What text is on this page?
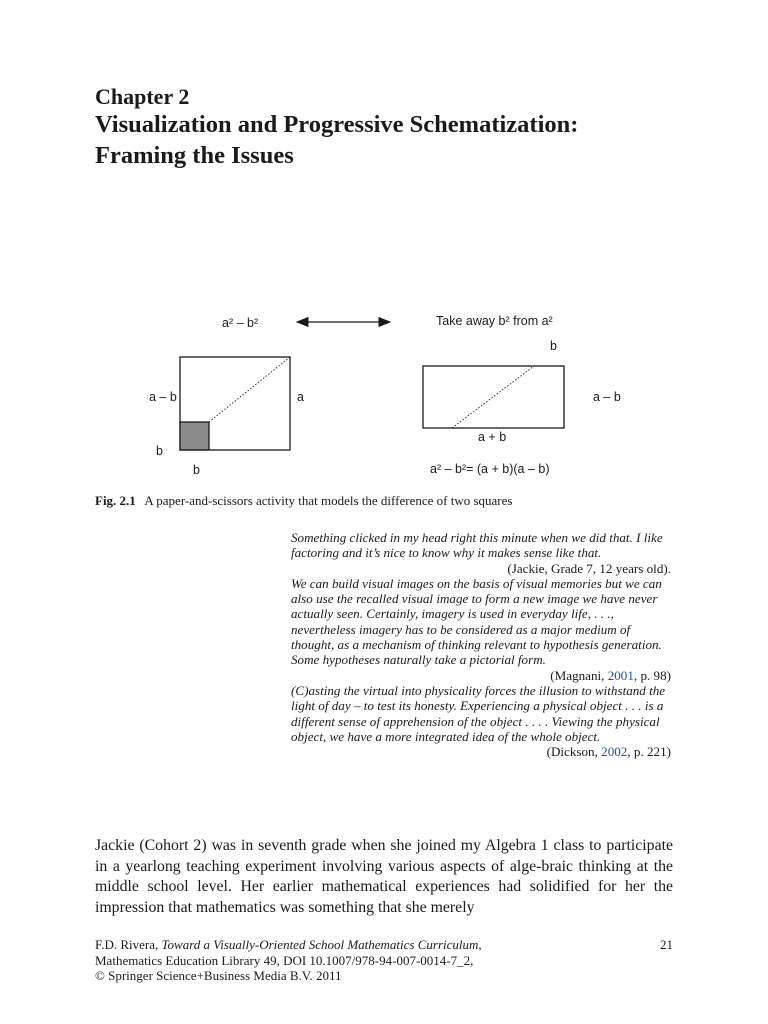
Chapter 2
Visualization and Progressive Schematization:
Framing the Issues
a² – b²	Take away b² from a²
a – b	a
b
b
b
a – b
a + b
a² – b²= (a + b)(a – b)
Fig. 2.1 A paper-and-scissors activity that models the difference of two squares
Something clicked in my head right this minute when we did that. I like factoring and it’s nice to know why it makes sense like that.
(Jackie, Grade 7, 12 years old).
We can build visual images on the basis of visual memories but we can also use the recalled visual image to form a new image we have never actually seen. Certainly, imagery is used in everyday life, . . ., nevertheless imagery has to be considered as a major medium of thought, as a mechanism of thinking relevant to hypothesis generation. Some hypotheses naturally take a pictorial form.
(Magnani, 2001, p. 98)
(C)asting the virtual into physicality forces the illusion to withstand the light of day – to test its honesty. Experiencing a physical object . . . is a different sense of apprehension of the object . . . . Viewing the physical object, we have a more integrated idea of the whole object.
(Dickson, 2002, p. 221)
Jackie (Cohort 2) was in seventh grade when she joined my Algebra 1 class to participate in a yearlong teaching experiment involving various aspects of alge-braic thinking at the middle school level. Her earlier mathematical experiences had solidified for her the impression that mathematics was something that she merely
F.D. Rivera, Toward a Visually-Oriented School Mathematics Curriculum,
Mathematics Education Library 49, DOI 10.1007/978-94-007-0014-7_2,
© Springer Science+Business Media B.V. 2011
21
